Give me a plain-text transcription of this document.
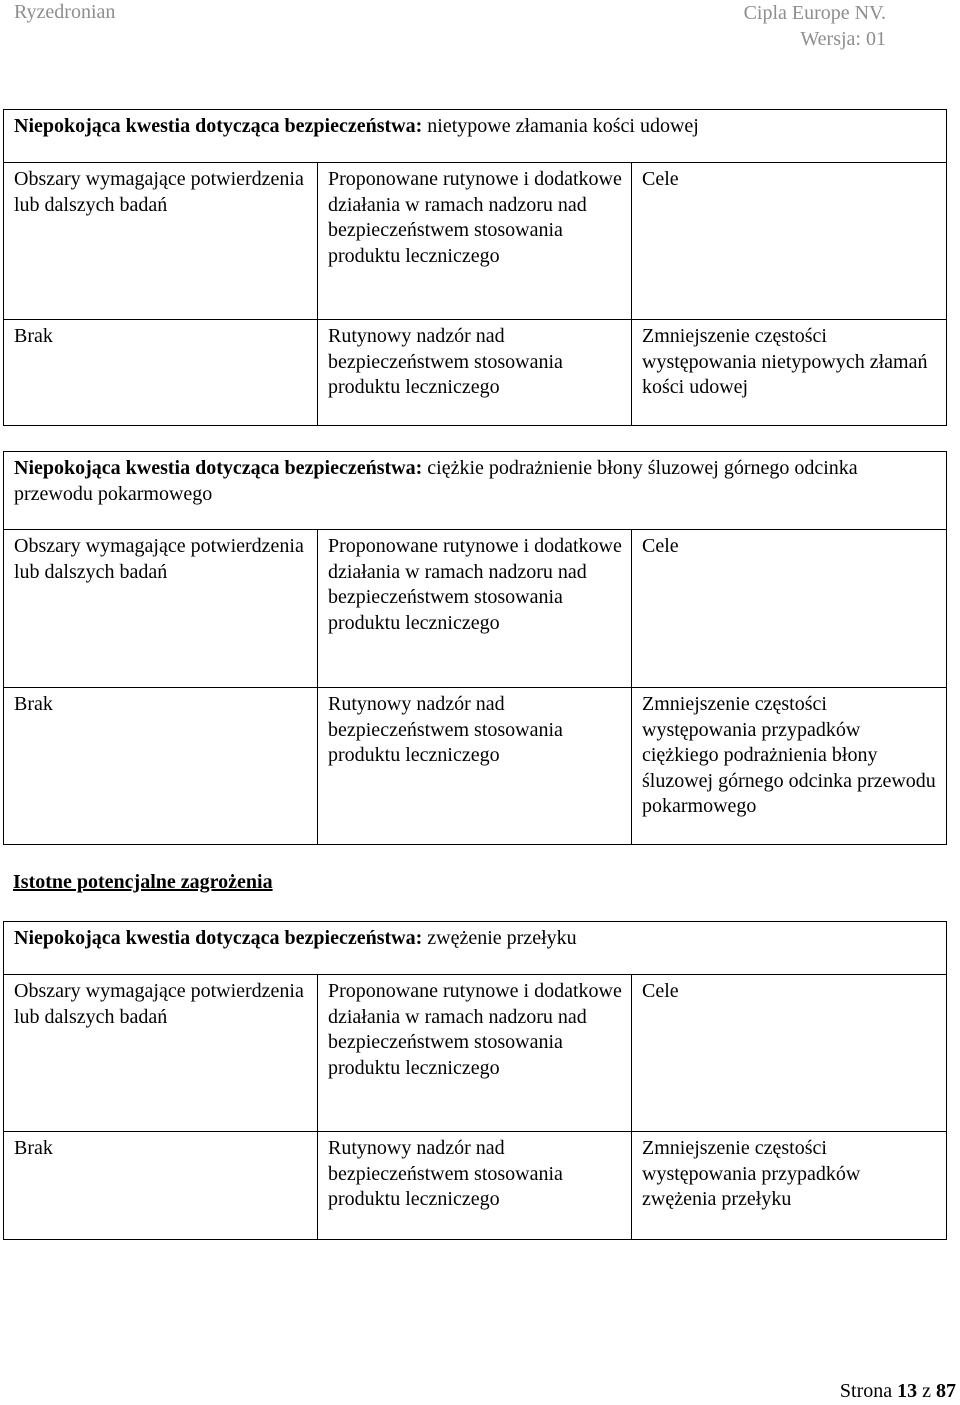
Ryzedronian	Cipla Europe NV.
Wersja: 01
Niepokojąca kwestia dotycząca bezpieczeństwa: nietypowe złamania kości udowej		
Obszary wymagające potwierdzenia lub dalszych badań	Proponowane rutynowe i dodatkowe działania w ramach nadzoru nad bezpieczeństwem stosowania produktu leczniczego	Cele
Brak	Rutynowy nadzór nad bezpieczeństwem stosowania produktu leczniczego	Zmniejszenie częstości występowania nietypowych złamań kości udowej
Niepokojąca kwestia dotycząca bezpieczeństwa: ciężkie podrażnienie błony śluzowej górnego odcinka przewodu pokarmowego		
Obszary wymagające potwierdzenia lub dalszych badań	Proponowane rutynowe i dodatkowe działania w ramach nadzoru nad bezpieczeństwem stosowania produktu leczniczego	Cele
Brak	Rutynowy nadzór nad bezpieczeństwem stosowania produktu leczniczego	Zmniejszenie częstości występowania przypadków ciężkiego podrażnienia błony śluzowej górnego odcinka przewodu pokarmowego
Istotne potencjalne zagrożenia
Niepokojąca kwestia dotycząca bezpieczeństwa: zwężenie przełyku		
Obszary wymagające potwierdzenia lub dalszych badań	Proponowane rutynowe i dodatkowe działania w ramach nadzoru nad bezpieczeństwem stosowania produktu leczniczego	Cele
Brak	Rutynowy nadzór nad bezpieczeństwem stosowania produktu leczniczego	Zmniejszenie częstości występowania przypadków zwężenia przełyku
Strona 13 z 87
